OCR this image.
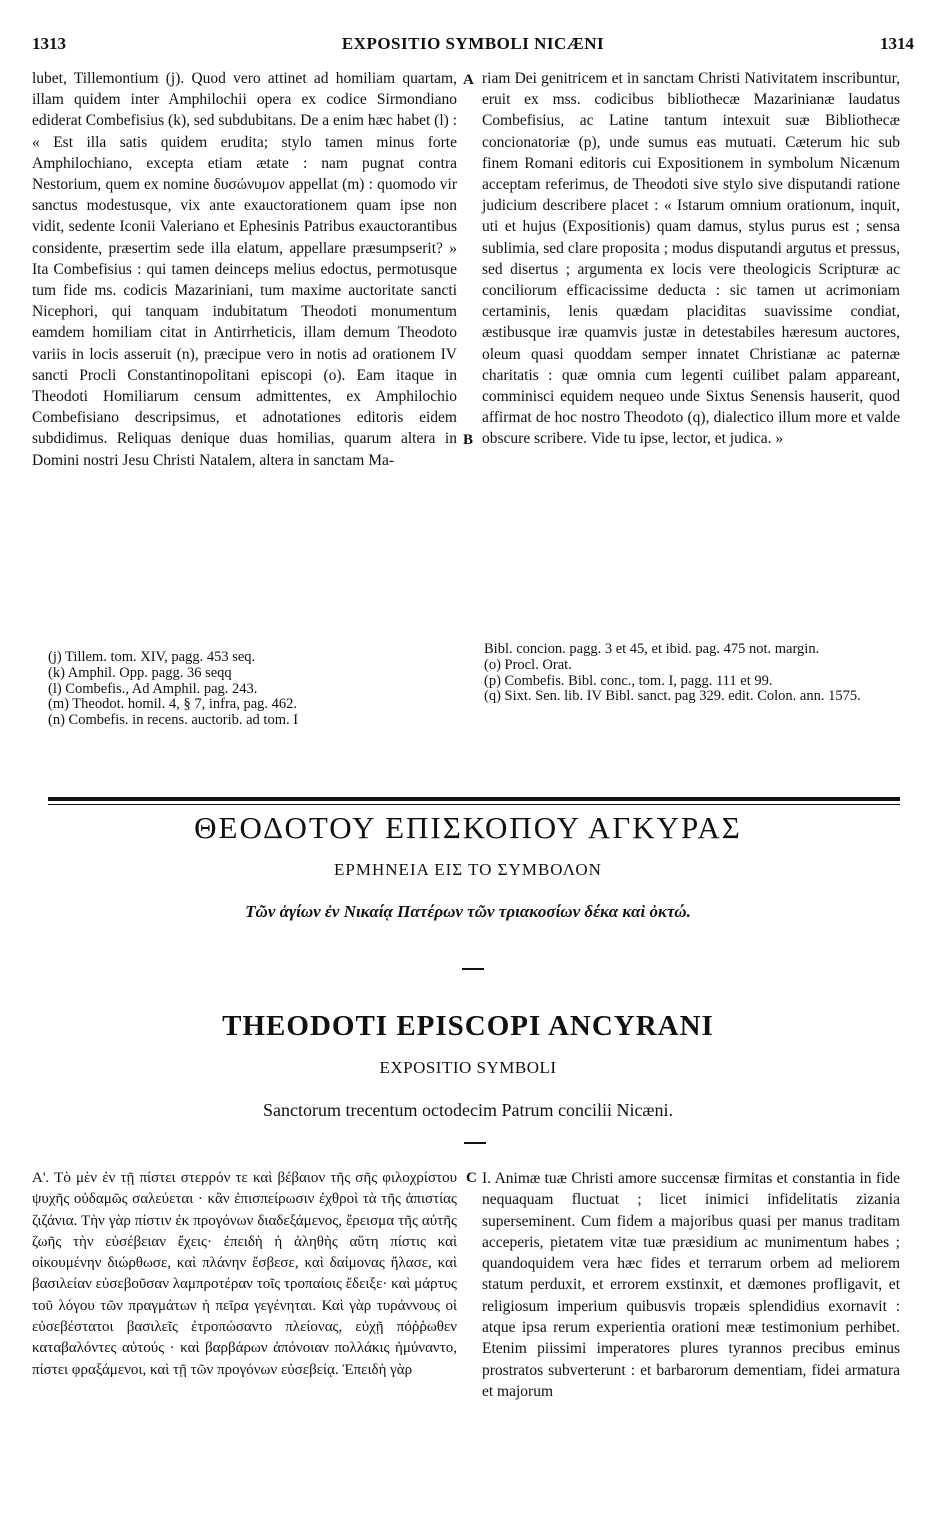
1313	EXPOSITIO SYMBOLI NICÆNI	1314

lubet, Tillemontium (j). Quod vero attinet ad homiliam quartam, illam quidem inter Amphilochii opera ex codice Sirmondiano ediderat Combefisius (k), sed subdubitans. De a enim hæc habet (l) : « Est illa satis quidem erudita; stylo tamen minus forte Amphilochiano, excepta etiam ætate : nam pugnat contra Nestorium, quem ex nomine δυσώνυμον appellat (m) : quomodo vir sanctus modestusque, vix ante exauctorationem quam ipse non vidit, sedente Iconii Valeriano et Ephesinis Patribus exauctorantibus considente, præsertim sede illa elatum, appellare præsumpserit? » Ita Combefisius : qui tamen deinceps melius edoctus, permotusque tum fide ms. codicis Mazariniani, tum maxime auctoritate sancti Nicephori, qui tanquam indubitatum Theodoti monumentum eamdem homiliam citat in Antirrheticis, illam demum Theodoto variis in locis asseruit (n), præcipue vero in notis ad orationem IV sancti Procli Constantinopolitani episcopi (o). Eam itaque in Theodoti Homiliarum censum admittentes, ex Amphilochio Combefisiano descripsimus, et adnotationes editoris eidem subdidimus. Reliquas denique duas homilias, quarum altera in Domini nostri Jesu Christi Natalem, altera in sanctam Ma-

A
B

riam Dei genitricem et in sanctam Christi Nativitatem inscribuntur, eruit ex mss. codicibus bibliothecæ Mazarinianæ laudatus Combefisius, ac Latine tantum intexuit suæ Bibliothecæ concionatoriæ (p), unde sumus eas mutuati. Cæterum hic sub finem Romani editoris cui Expositionem in symbolum Nicænum acceptam referimus, de Theodoti sive stylo sive disputandi ratione judicium describere placet : « Istarum omnium orationum, inquit, uti et hujus (Expositionis) quam damus, stylus purus est ; sensa sublimia, sed clare proposita ; modus disputandi argutus et pressus, sed disertus ; argumenta ex locis vere theologicis Scripturæ ac conciliorum efficacissime deducta : sic tamen ut acrimoniam certaminis, lenis quædam placiditas suavissime condiat, æstibusque iræ quamvis justæ in detestabiles hæresum auctores, oleum quasi quoddam semper innatet Christianæ ac paternæ charitatis : quæ omnia cum legenti cuilibet palam appareant, comminisci equidem nequeo unde Sixtus Senensis hauserit, quod affirmat de hoc nostro Theodoto (q), dialectico illum more et valde obscure scribere. Vide tu ipse, lector, et judica. »

(j) Tillem. tom. XIV, pagg. 453 seq.
(k) Amphil. Opp. pagg. 36 seqq
(l) Combefis., Ad Amphil. pag. 243.
(m) Theodot. homil. 4, § 7, infra, pag. 462.
(n) Combefis. in recens. auctorib. ad tom. I
Bibl. concion. pagg. 3 et 45, et ibid. pag. 475 not. margin.
(o) Procl. Orat.
(p) Combefis. Bibl. conc., tom. I, pagg. 111 et 99.
(q) Sixt. Sen. lib. IV Bibl. sanct. pag 329. edit. Colon. ann. 1575.
ΘΕΟΔΟΤΟΥ ΕΠΙΣΚΟΠΟΥ ΑΓΚΥΡΑΣ
ΕΡΜΗΝΕΙΑ ΕΙΣ ΤΟ ΣΥΜΒΟΛΟΝ
Τῶν ἁγίων ἐν Νικαίᾳ Πατέρων τῶν τριακοσίων δέκα καὶ ὀκτώ.
THEODOTI EPISCOPI ANCYRANI
EXPOSITIO SYMBOLI
Sanctorum trecentum octodecim Patrum concilii Nicæni.

Α'. Τὸ μὲν ἐν τῇ πίστει στερρόν τε καὶ βέβαιον τῆς σῆς φιλοχρίστου ψυχῆς οὐδαμῶς σαλεύεται · κἂν ἐπισπείρωσιν ἐχθροὶ τὰ τῆς ἀπιστίας ζιζάνια. Τὴν γὰρ πίστιν ἐκ προγόνων διαδεξάμενος, ἔρεισμα τῆς αὐτῆς ζωῆς τὴν εὐσέβειαν ἔχεις· ἐπειδὴ ἡ ἀληθὴς αὕτη πίστις καὶ οἰκουμένην διώρθωσε, καὶ πλάνην ἔσβεσε, καὶ δαίμονας ἤλασε, καὶ βασιλείαν εὐσεβοῦσαν λαμπροτέραν τοῖς τροπαίοις ἔδειξε· καὶ μάρτυς τοῦ λόγου τῶν πραγμάτων ἡ πεῖρα γεγένηται. Καὶ γὰρ τυράννους οἱ εὐσεβέστατοι βασιλεῖς ἐτροπώσαντο πλείονας, εὐχῇ πόῤῥωθεν καταβαλόντες αὐτούς · καὶ βαρβάρων ἀπόνοιαν πολλάκις ἠμύναντο, πίστει φραξάμενοι, καὶ τῇ τῶν προγόνων εὐσεβείᾳ. Ἐπειδὴ γὰρ

C I. Animæ tuæ Christi amore succensæ firmitas et constantia in fide nequaquam fluctuat ; licet inimici infidelitatis zizania superseminent. Cum fidem a majoribus quasi per manus traditam acceperis, pietatem vitæ tuæ præsidium ac munimentum habes ; quandoquidem vera hæc fides et terrarum orbem ad meliorem statum perduxit, et errorem exstinxit, et dæmones profligavit, et religiosum imperium quibusvis tropæis splendidius exornavit : atque ipsa rerum experientia orationi meæ testimonium perhibet. Etenim piissimi imperatores plures tyrannos precibus eminus prostratos subverterunt : et barbarorum dementiam, fidei armatura et majorum
